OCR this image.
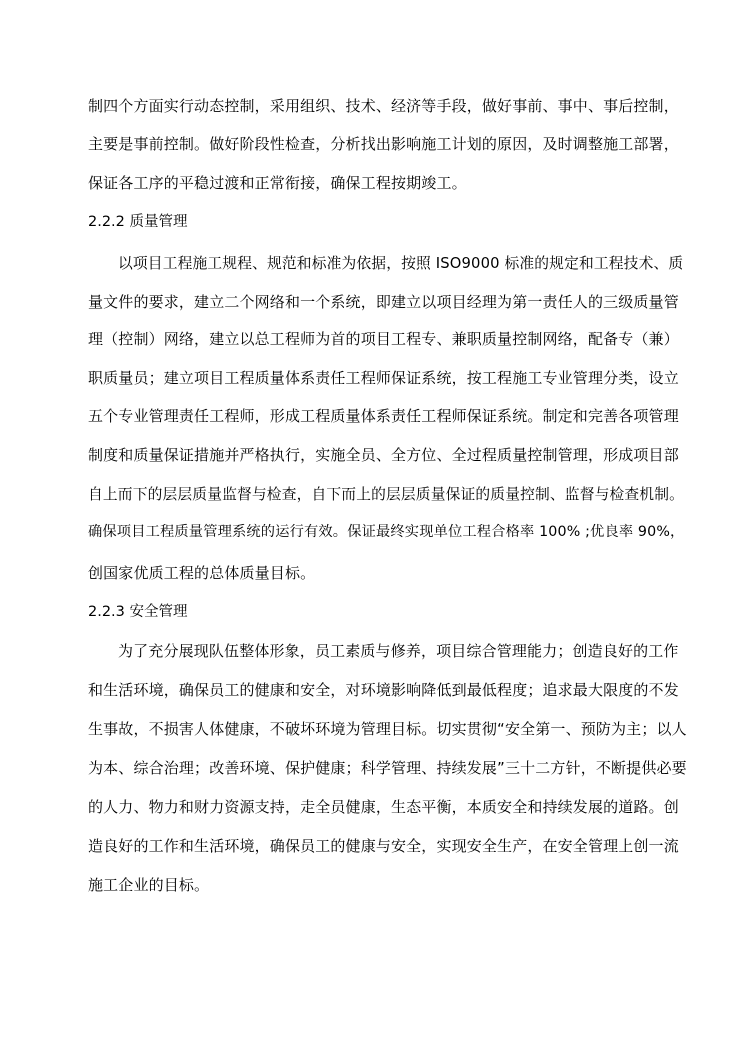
制四个方面实行动态控制，采用组织、技术、经济等手段，做好事前、事中、事后控制，
主要是事前控制。做好阶段性检查，分析找出影响施工计划的原因，及时调整施工部署，
保证各工序的平稳过渡和正常衔接，确保工程按期竣工。
2.2.2 质量管理
以项目工程施工规程、规范和标准为依据，按照 ISO9000 标准的规定和工程技术、质
量文件的要求，建立二个网络和一个系统，即建立以项目经理为第一责任人的三级质量管
理（控制）网络，建立以总工程师为首的项目工程专、兼职质量控制网络，配备专（兼）
职质量员；建立项目工程质量体系责任工程师保证系统，按工程施工专业管理分类，设立
五个专业管理责任工程师，形成工程质量体系责任工程师保证系统。制定和完善各项管理
制度和质量保证措施并严格执行，实施全员、全方位、全过程质量控制管理，形成项目部
自上而下的层层质量监督与检查，自下而上的层层质量保证的质量控制、监督与检查机制。
确保项目工程质量管理系统的运行有效。保证最终实现单位工程合格率 100% ;优良率 90%，
创国家优质工程的总体质量目标。
2.2.3 安全管理
为了充分展现队伍整体形象，员工素质与修养，项目综合管理能力；创造良好的工作
和生活环境，确保员工的健康和安全，对环境影响降低到最低程度；追求最大限度的不发
生事故，不损害人体健康，不破坏环境为管理目标。切实贯彻“安全第一、预防为主；以人
为本、综合治理；改善环境、保护健康；科学管理、持续发展”三十二方针，不断提供必要
的人力、物力和财力资源支持，走全员健康，生态平衡，本质安全和持续发展的道路。创
造良好的工作和生活环境，确保员工的健康与安全，实现安全生产，在安全管理上创一流
施工企业的目标。
